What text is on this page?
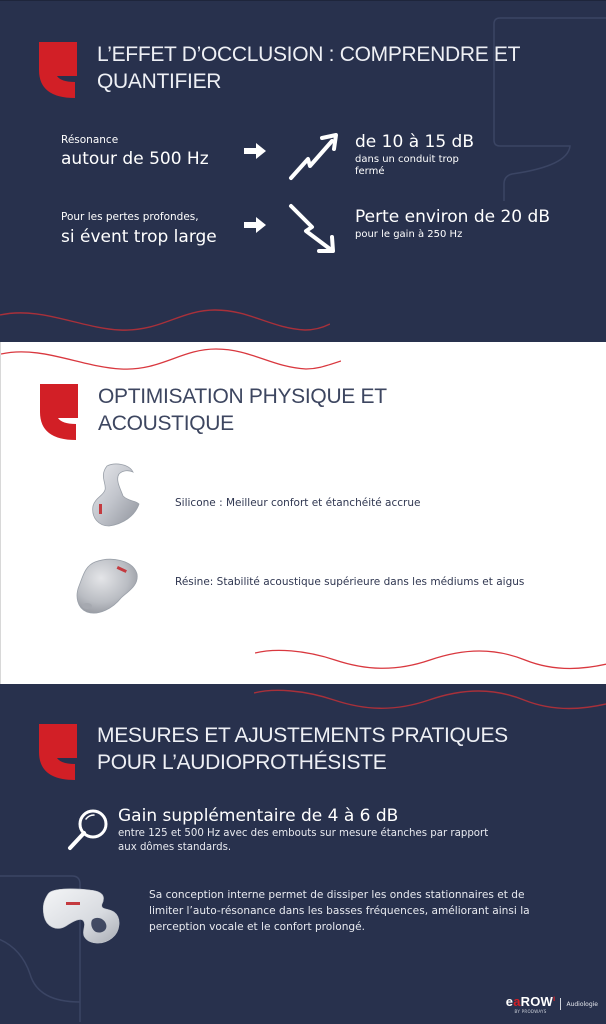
L’EFFET D’OCCLUSION : COMPRENDRE ET
QUANTIFIER
Résonance
autour de 500 Hz
de 10 à 15 dB
dans un conduit trop
fermé
Pour les pertes profondes,
si évent trop large
Perte environ de 20 dB
pour le gain à 250 Hz
OPTIMISATION PHYSIQUE ET
ACOUSTIQUE
Silicone : Meilleur confort et étanchéité accrue
Résine: Stabilité acoustique supérieure dans les médiums et aigus
MESURES ET AJUSTEMENTS PRATIQUES
POUR L’AUDIOPROTHÉSISTE
Gain supplémentaire de 4 à 6 dB
entre 125 et 500 Hz avec des embouts sur mesure étanches par rapport
aux dômes standards.
Sa conception interne permet de dissiper les ondes stationnaires et de
limiter l’auto-résonance dans les basses fréquences, améliorant ainsi la
perception vocale et le confort prolongé.
eaROW$^ı$
BY PRODWAYS
Audiologie
